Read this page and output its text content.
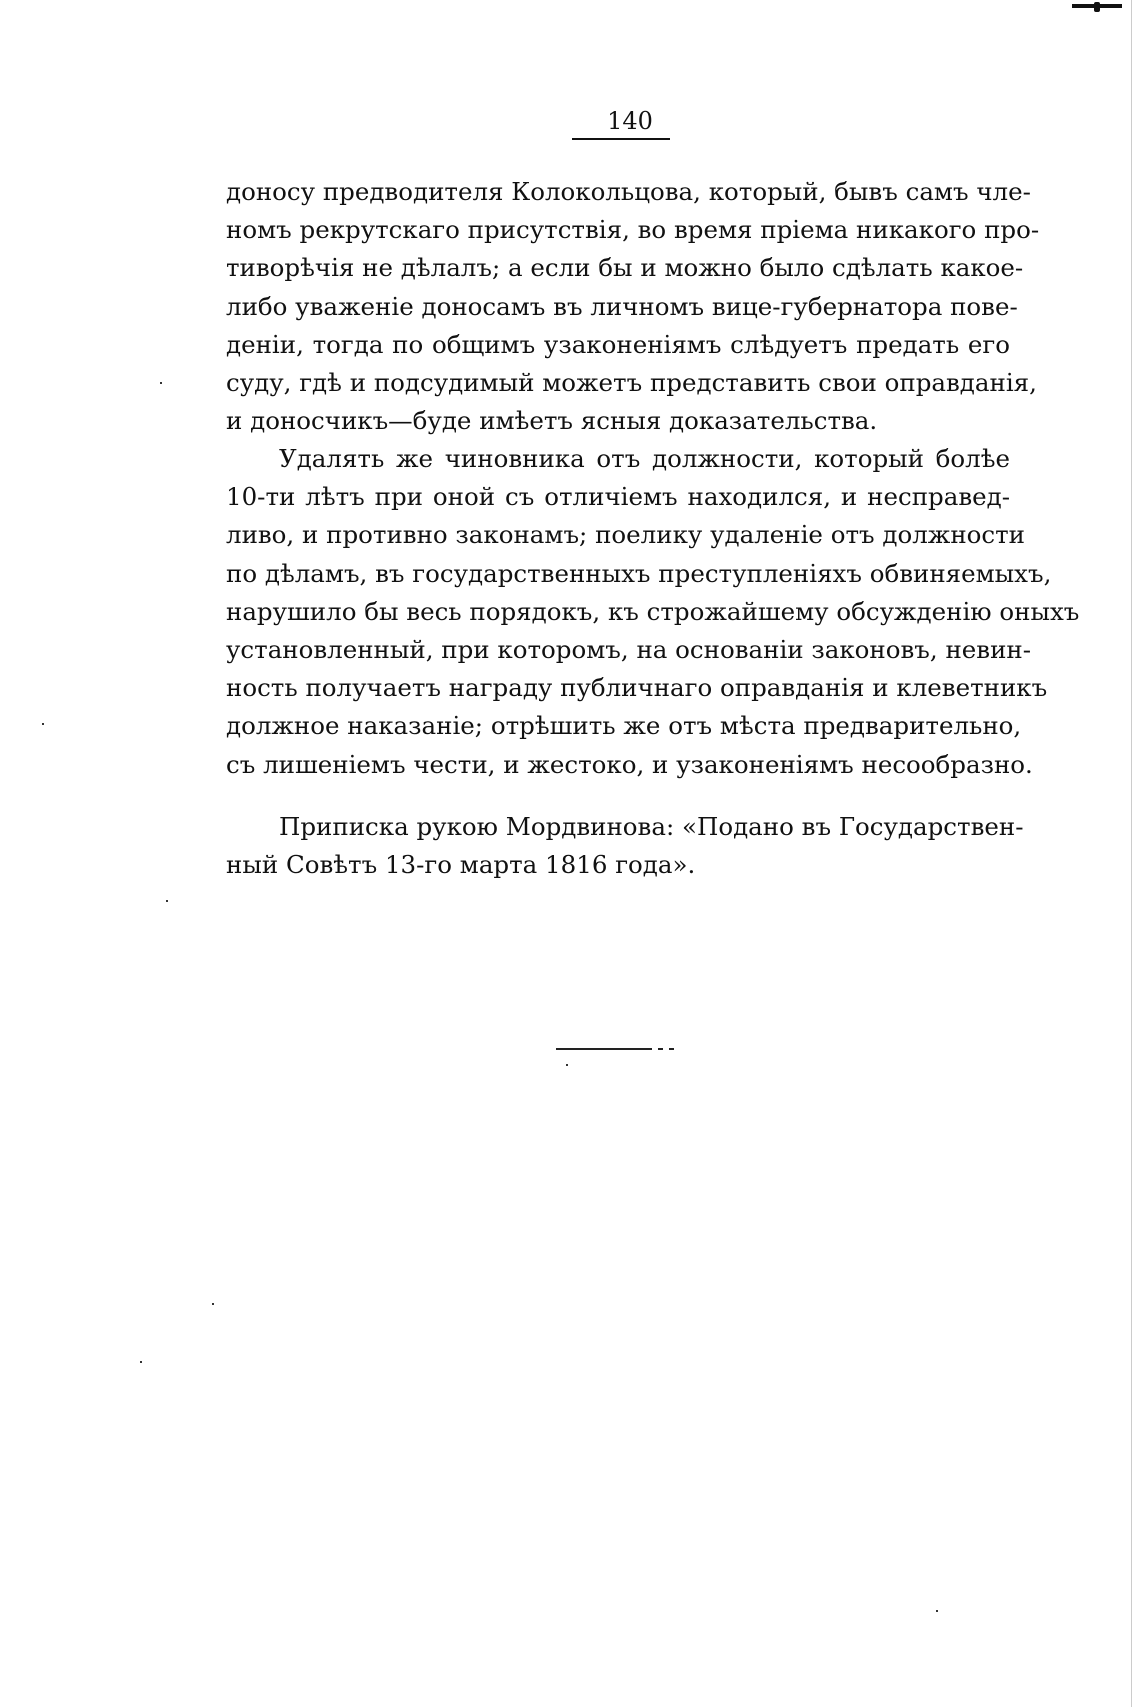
140
доносу предводителя Колокольцова, который, бывъ самъ чле-
номъ рекрутскаго присутствія, во время пріема никакого про-
тиворѣчія не дѣлалъ; а если бы и можно было сдѣлать какое-
либо уваженіе доносамъ въ личномъ вице-губернатора пове-
деніи, тогда по общимъ узаконеніямъ слѣдуетъ предать его
суду, гдѣ и подсудимый можетъ представить свои оправданія,
и доносчикъ—буде имѣетъ ясныя доказательства.
Удалять же чиновника отъ должности, который болѣе
10-ти лѣтъ при оной съ отличіемъ находился, и несправед-
ливо, и противно законамъ; поелику удаленіе отъ должности
по дѣламъ, въ государственныхъ преступленіяхъ обвиняемыхъ,
нарушило бы весь порядокъ, къ строжайшему обсужденію оныхъ
установленный, при которомъ, на основаніи законовъ, невин-
ность получаетъ награду публичнаго оправданія и клеветникъ
должное наказаніе; отрѣшить же отъ мѣста предварительно,
съ лишеніемъ чести, и жестоко, и узаконеніямъ несообразно.
Приписка рукою Мордвинова: «Подано въ Государствен-
ный Совѣтъ 13-го марта 1816 года».
